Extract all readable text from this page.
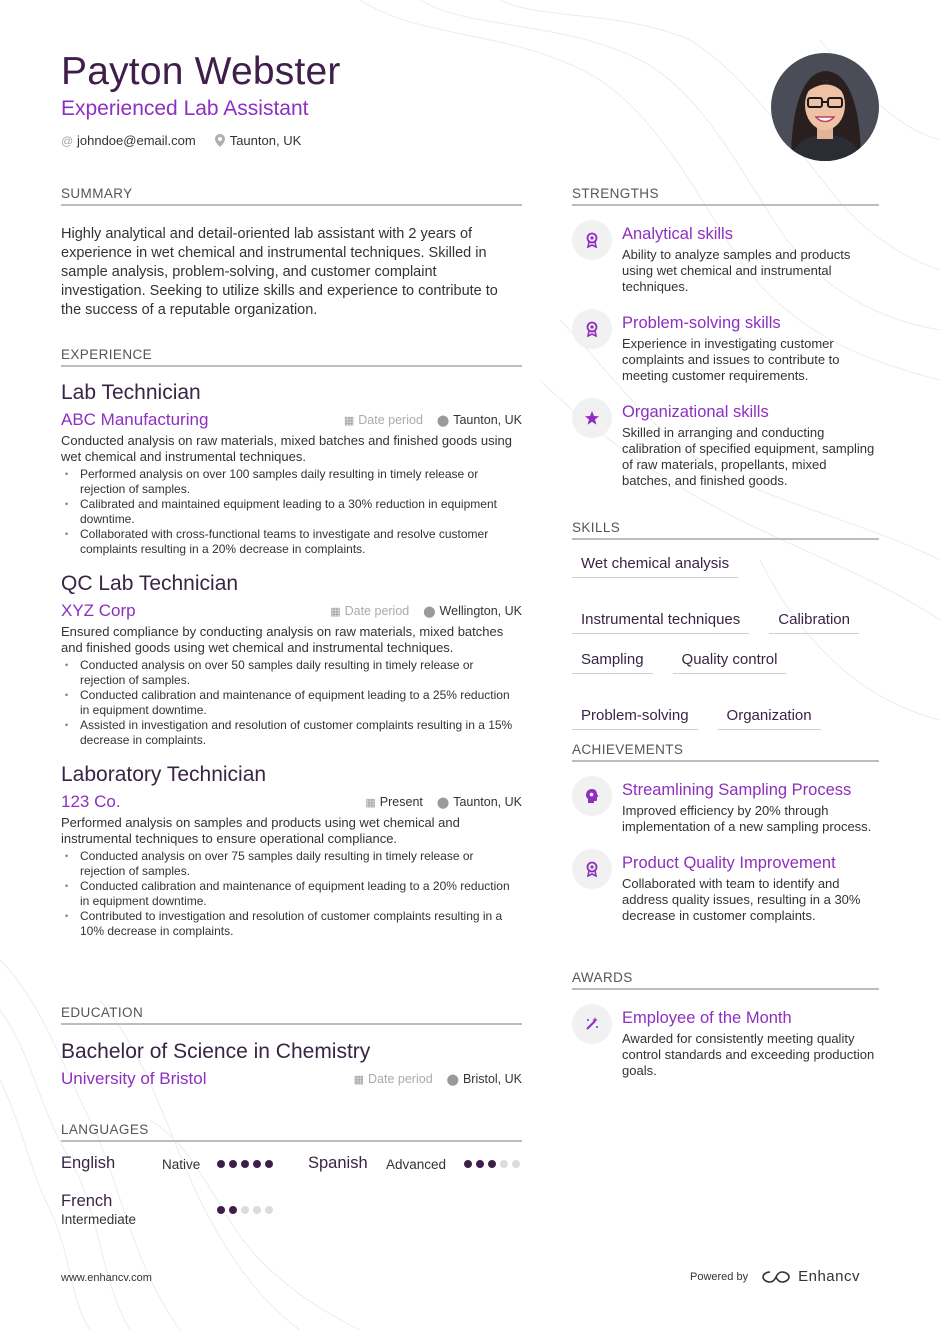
Payton Webster
Experienced Lab Assistant
@ johndoe@email.com	Taunton, UK
SUMMARY
Highly analytical and detail-oriented lab assistant with 2 years of experience in wet chemical and instrumental techniques. Skilled in sample analysis, problem-solving, and customer complaint investigation. Seeking to utilize skills and experience to contribute to the success of a reputable organization.
EXPERIENCE
Lab Technician
ABC Manufacturing	▦ Date period ⬤ Taunton, UK
Conducted analysis on raw materials, mixed batches and finished goods using wet chemical and instrumental techniques.
• Performed analysis on over 100 samples daily resulting in timely release or rejection of samples.
• Calibrated and maintained equipment leading to a 30% reduction in equipment downtime.
• Collaborated with cross-functional teams to investigate and resolve customer complaints resulting in a 20% decrease in complaints.
QC Lab Technician
XYZ Corp	▦ Date period ⬤ Wellington, UK
Ensured compliance by conducting analysis on raw materials, mixed batches and finished goods using wet chemical and instrumental techniques.
• Conducted analysis on over 50 samples daily resulting in timely release or rejection of samples.
• Conducted calibration and maintenance of equipment leading to a 25% reduction in equipment downtime.
• Assisted in investigation and resolution of customer complaints resulting in a 15% decrease in complaints.
Laboratory Technician
123 Co.	▦ Present ⬤ Taunton, UK
Performed analysis on samples and products using wet chemical and instrumental techniques to ensure operational compliance.
• Conducted analysis on over 75 samples daily resulting in timely release or rejection of samples.
• Conducted calibration and maintenance of equipment leading to a 20% reduction in equipment downtime.
• Contributed to investigation and resolution of customer complaints resulting in a 10% decrease in complaints.
EDUCATION
Bachelor of Science in Chemistry
University of Bristol	▦ Date period ⬤ Bristol, UK
LANGUAGES
English	Native	Spanish Advanced
French
Intermediate
STRENGTHS
Analytical skills
Ability to analyze samples and products using wet chemical and instrumental techniques.
Problem-solving skills
Experience in investigating customer complaints and issues to contribute to meeting customer requirements.
Organizational skills
Skilled in arranging and conducting calibration of specified equipment, sampling of raw materials, propellants, mixed batches, and finished goods.
SKILLS
Wet chemical analysis
Instrumental techniques	Calibration
Sampling	Quality control
Problem-solving	Organization
ACHIEVEMENTS
Streamlining Sampling Process
Improved efficiency by 20% through implementation of a new sampling process.
Product Quality Improvement
Collaborated with team to identify and address quality issues, resulting in a 30% decrease in customer complaints.
AWARDS
Employee of the Month
Awarded for consistently meeting quality control standards and exceeding production goals.
www.enhancv.com	Powered by	Enhancv
